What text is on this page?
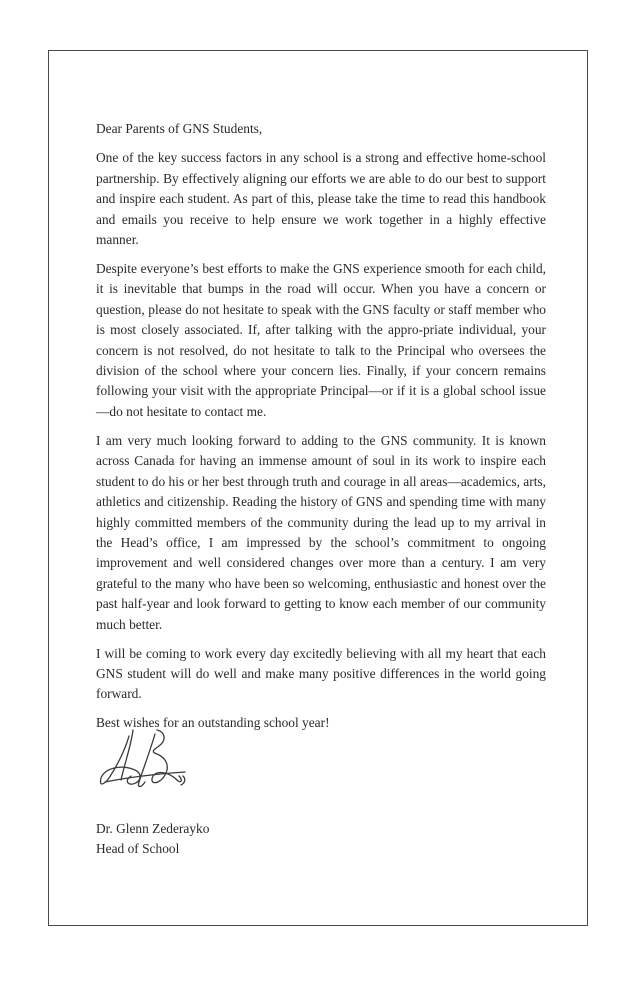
Dear Parents of GNS Students,

One of the key success factors in any school is a strong and effective home-school partnership. By effectively aligning our efforts we are able to do our best to support and inspire each student. As part of this, please take the time to read this handbook and emails you receive to help ensure we work together in a highly effective manner.

Despite everyone’s best efforts to make the GNS experience smooth for each child, it is inevitable that bumps in the road will occur. When you have a concern or question, please do not hesitate to speak with the GNS faculty or staff member who is most closely associated. If, after talking with the appro-priate individual, your concern is not resolved, do not hesitate to talk to the Principal who oversees the division of the school where your concern lies. Finally, if your concern remains following your visit with the appropriate Principal—or if it is a global school issue—do not hesitate to contact me.

I am very much looking forward to adding to the GNS community. It is known across Canada for having an immense amount of soul in its work to inspire each student to do his or her best through truth and courage in all areas—academics, arts, athletics and citizenship. Reading the history of GNS and spending time with many highly committed members of the community during the lead up to my arrival in the Head’s office, I am impressed by the school’s commitment to ongoing improvement and well considered changes over more than a century. I am very grateful to the many who have been so welcoming, enthusiastic and honest over the past half-year and look forward to getting to know each member of our community much better.

I will be coming to work every day excitedly believing with all my heart that each GNS student will do well and make many positive differences in the world going forward.

Best wishes for an outstanding school year!

Dr. Glenn Zederayko
Head of School
